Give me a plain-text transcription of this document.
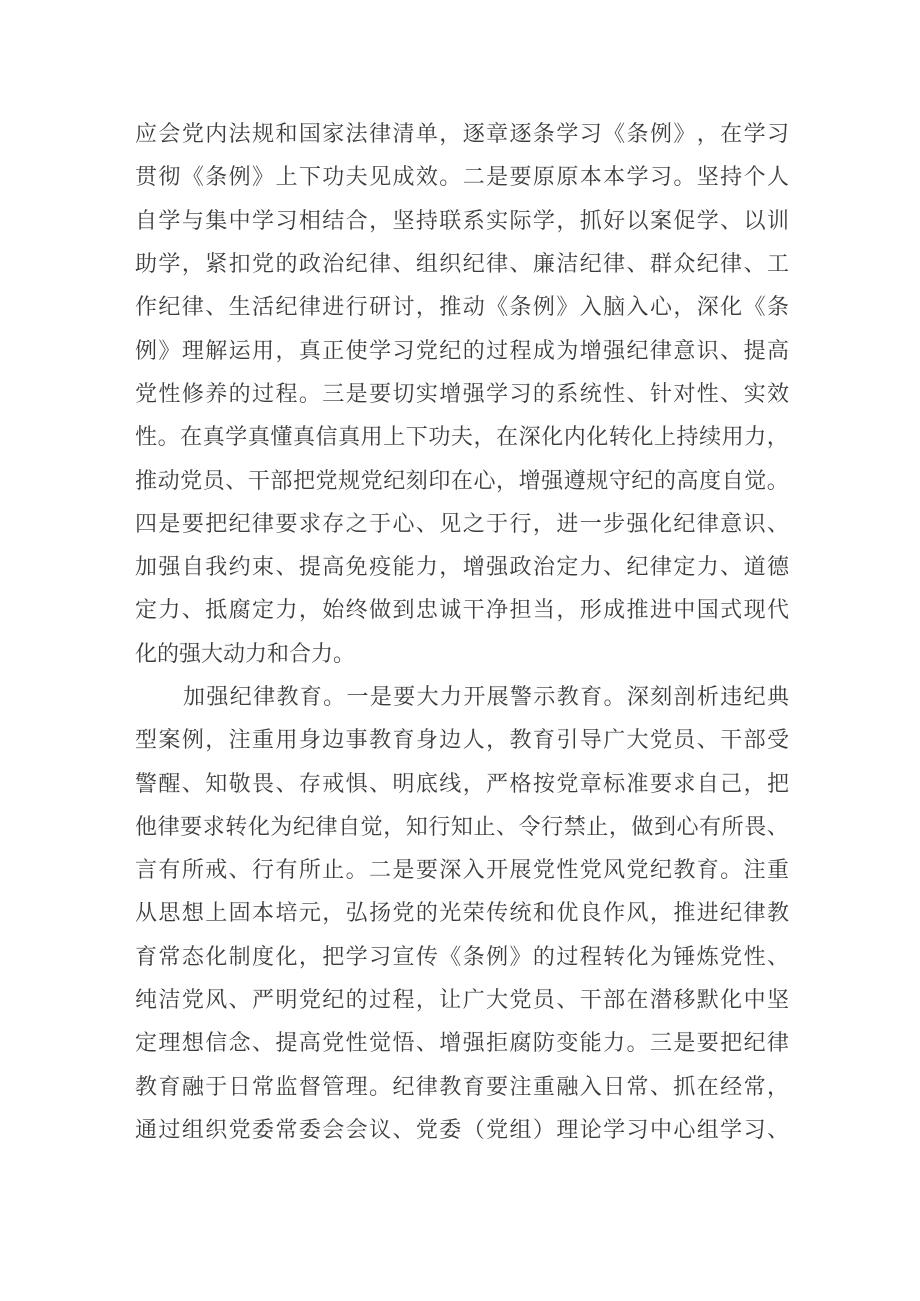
应 会 党 内 法 规 和 国 家 法 律 清 单 ， 逐 章 逐 条 学 习 《 条 例 》 ， 在 学 习
贯 彻 《 条 例 》 上 下 功 夫 见 成 效 。 二 是 要 原 原 本 本 学 习 。 坚 持 个 人
自 学 与 集 中 学 习 相 结 合 ， 坚 持 联 系 实 际 学 ， 抓 好 以 案 促 学 、 以 训
助 学 ， 紧 扣 党 的 政 治 纪 律 、 组 织 纪 律 、 廉 洁 纪 律 、 群 众 纪 律 、 工
作 纪 律 、 生 活 纪 律 进 行 研 讨 ， 推 动 《 条 例 》 入 脑 入 心 ， 深 化 《 条
例 》 理 解 运 用 ， 真 正 使 学 习 党 纪 的 过 程 成 为 增 强 纪 律 意 识 、 提 高
党 性 修 养 的 过 程 。 三 是 要 切 实 增 强 学 习 的 系 统 性 、 针 对 性 、 实 效
性 。 在 真 学 真 懂 真 信 真 用 上 下 功 夫 ， 在 深 化 内 化 转 化 上 持 续 用 力 ，
推 动 党 员 、 干 部 把 党 规 党 纪 刻 印 在 心 ， 增 强 遵 规 守 纪 的 高 度 自 觉 。
四 是 要 把 纪 律 要 求 存 之 于 心 、 见 之 于 行 ， 进 一 步 强 化 纪 律 意 识 、
加 强 自 我 约 束 、 提 高 免 疫 能 力 ， 增 强 政 治 定 力 、 纪 律 定 力 、 道 德
定 力 、 抵 腐 定 力 ， 始 终 做 到 忠 诚 干 净 担 当 ， 形 成 推 进 中 国 式 现 代
化的强大动力和合力。
加 强 纪 律 教 育 。 一 是 要 大 力 开 展 警 示 教 育 。 深 刻 剖 析 违 纪 典
型 案 例 ， 注 重 用 身 边 事 教 育 身 边 人 ， 教 育 引 导 广 大 党 员 、 干 部 受
警 醒 、 知 敬 畏 、 存 戒 惧 、 明 底 线 ， 严 格 按 党 章 标 准 要 求 自 己 ， 把
他 律 要 求 转 化 为 纪 律 自 觉 ， 知 行 知 止 、 令 行 禁 止 ， 做 到 心 有 所 畏 、
言 有 所 戒 、 行 有 所 止 。 二 是 要 深 入 开 展 党 性 党 风 党 纪 教 育 。 注 重
从 思 想 上 固 本 培 元 ， 弘 扬 党 的 光 荣 传 统 和 优 良 作 风 ， 推 进 纪 律 教
育 常 态 化 制 度 化 ， 把 学 习 宣 传 《 条 例 》 的 过 程 转 化 为 锤 炼 党 性 、
纯 洁 党 风 、 严 明 党 纪 的 过 程 ， 让 广 大 党 员 、 干 部 在 潜 移 默 化 中 坚
定 理 想 信 念 、 提 高 党 性 觉 悟 、 增 强 拒 腐 防 变 能 力 。 三 是 要 把 纪 律
教 育 融 于 日 常 监 督 管 理 。 纪 律 教 育 要 注 重 融 入 日 常 、 抓 在 经 常 ，
通 过 组 织 党 委 常 委 会 会 议 、 党 委 （ 党 组 ） 理 论 学 习 中 心 组 学 习 、
